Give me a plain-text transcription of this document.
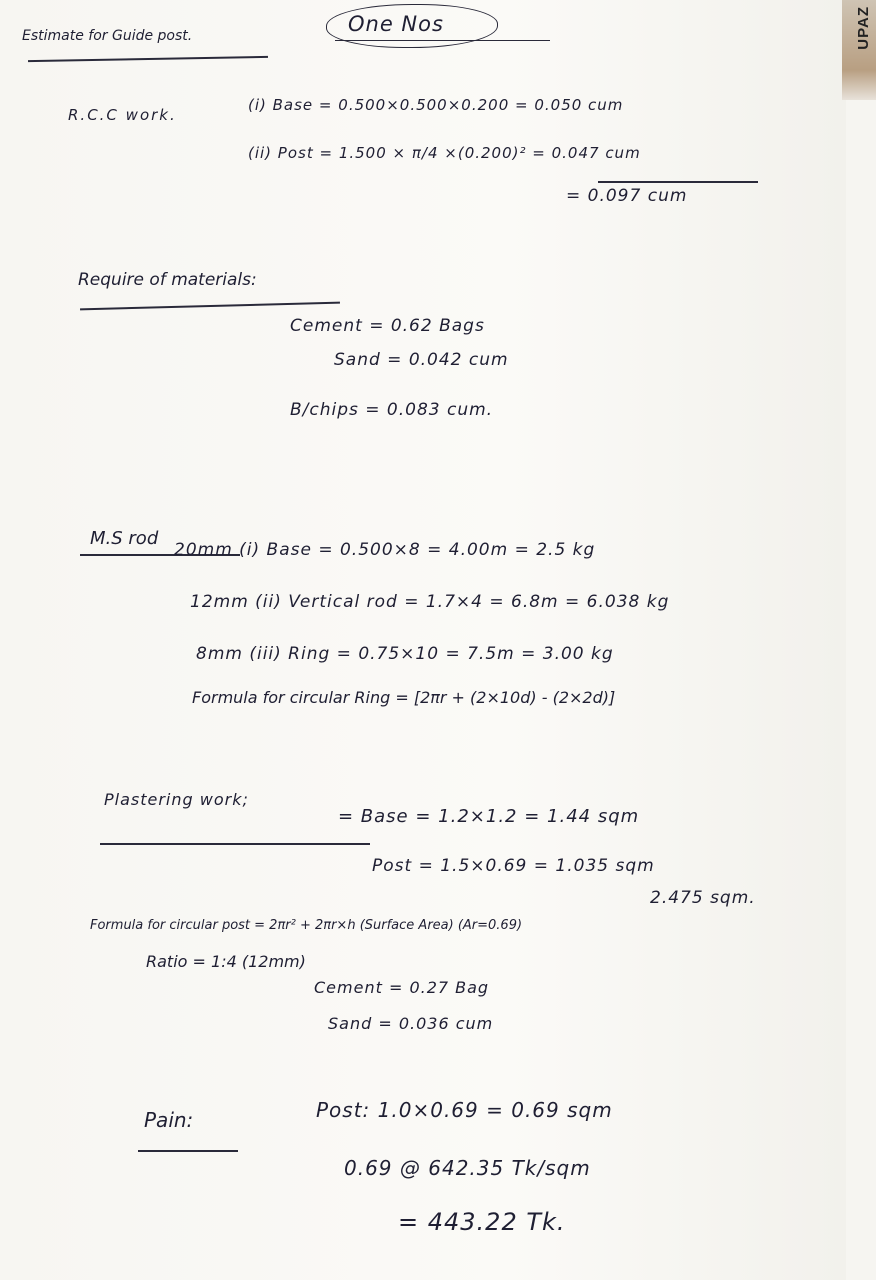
UPAZ
Estimate for Guide post.	One Nos
R.C.C work.
(i) Base = 0.500×0.500×0.200 = 0.050 cum
(ii) Post = 1.500 × π/4 ×(0.200)² = 0.047 cum
= 0.097 cum
Require of materials:
Cement = 0.62 Bags
Sand = 0.042 cum
B/chips = 0.083 cum.
M.S rod
20mm (i) Base = 0.500×8 = 4.00m = 2.5 kg
12mm (ii) Vertical rod = 1.7×4 = 6.8m = 6.038 kg
8mm (iii) Ring = 0.75×10 = 7.5m = 3.00 kg
Formula for circular Ring = [2πr + (2×10d) - (2×2d)]
Plastering work;
= Base = 1.2×1.2 = 1.44 sqm
Post = 1.5×0.69 = 1.035 sqm
2.475 sqm.
Formula for circular post = 2πr² + 2πr×h (Surface Area) (Ar=0.69)
Ratio = 1:4 (12mm)
Cement = 0.27 Bag
Sand = 0.036 cum
Pain:	Post: 1.0×0.69 = 0.69 sqm
0.69 @ 642.35 Tk/sqm
= 443.22 Tk.
